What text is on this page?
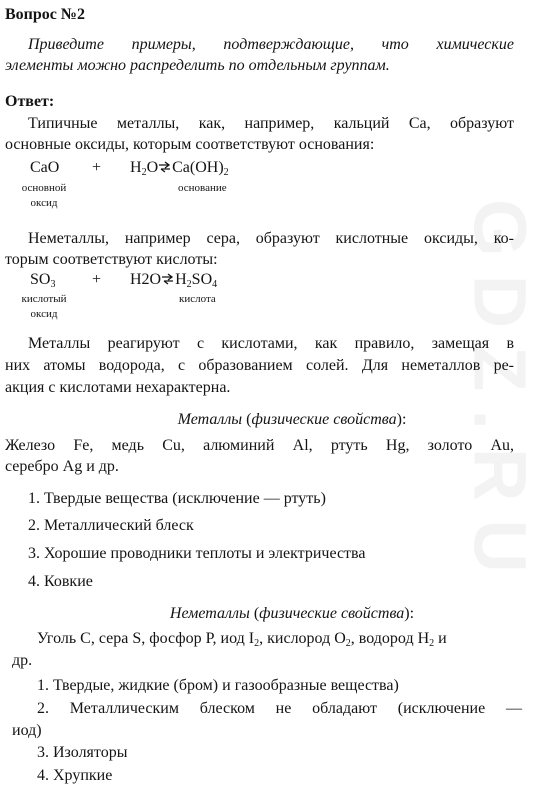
GDZ.RU
Вопрос №2
Приведите примеры, подтверждающие, что химические
элементы можно распределить по отдельным группам.
Ответ:
Типичные металлы, как, например, кальций Са, образуют
основные оксиды, которым соответствуют основания:
СаО + $Н_2О\rightleftharpoons Са(ОН)_2$
основной
оксид
основание
Неметаллы, например сера, образуют кислотные оксиды, ко-
торым соответствуют кислоты:
$SO_3$ + $H2O\rightleftharpoons H_2SO_4$
кислотый
оксид
кислота
Металлы реагируют с кислотами, как правило, замещая в
них атомы водорода, с образованием солей. Для неметаллов ре-
акция с кислотами нехарактерна.
Металлы (физические свойства):
Железо Fe, медь Cu, алюминий Al, ртуть Hg, золото Au,
серебро Ag и др.
1. Твердые вещества (исключение — ртуть)
2. Металлический блеск
3. Хорошие проводники теплоты и электричества
4. Ковкие
Неметаллы (физические свойства):
Уголь С, сера S, фосфор Р, иод $I_2$, кислород $О_2$, водород $Н_2$ и
др.
1. Твердые, жидкие (бром) и газообразные вещества)
2. Металлическим блеском не обладают (исключение —
иод)
3. Изоляторы
4. Хрупкие
